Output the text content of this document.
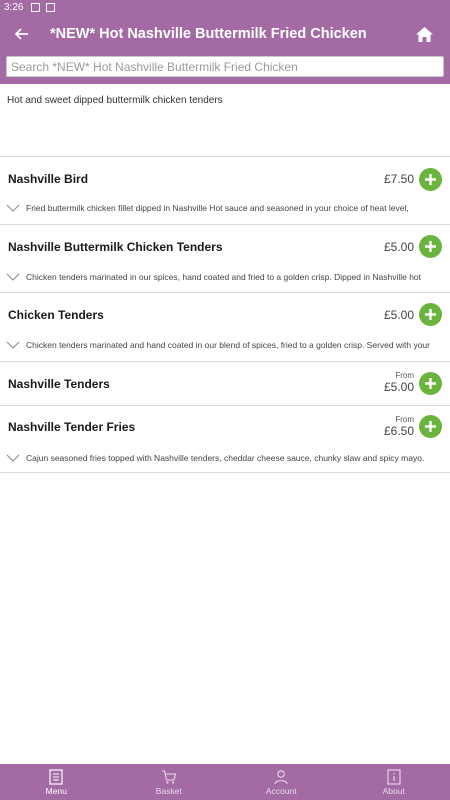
3:26
*NEW* Hot Nashville Buttermilk Fried Chicken
Search *NEW* Hot Nashville Buttermilk Fried Chicken
Hot and sweet dipped buttermilk chicken tenders
Nashville Bird	£7.50
Fried buttermilk chicken fillet dipped in Nashville Hot sauce and seasoned in your choice of heat level,
Nashville Buttermilk Chicken Tenders	£5.00
Chicken tenders marinated in our spices, hand coated and fried to a golden crisp. Dipped in Nashville hot
Chicken Tenders	£5.00
Chicken tenders marinated and hand coated in our blend of spices, fried to a golden crisp. Served with your
Nashville Tenders
From
£5.00
Nashville Tender Fries
From
£6.50
Cajun seasoned fries topped with Nashville tenders, cheddar cheese sauce, chunky slaw and spicy mayo.
Menu	Basket	Account	About
